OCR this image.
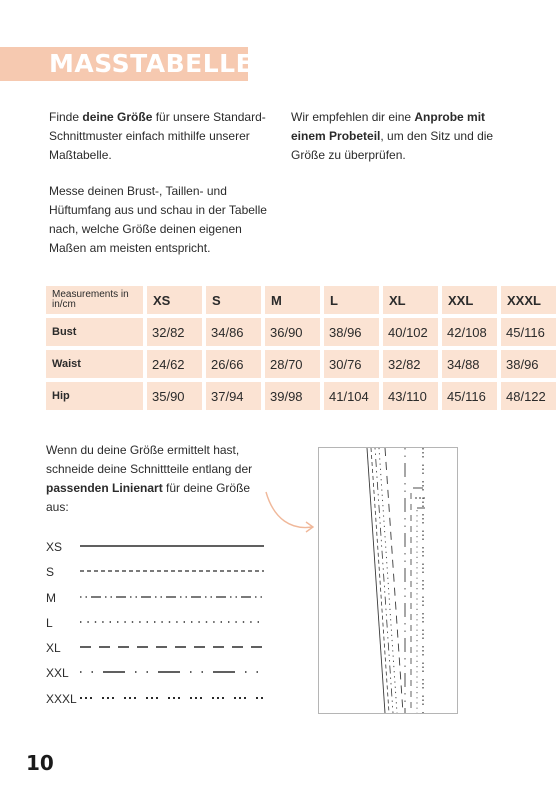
MASSTABELLE
Finde deine Größe für unsere Standard-Schnittmuster einfach mithilfe unserer Maßtabelle.
Messe deinen Brust-, Taillen- und Hüftumfang aus und schau in der Tabelle nach, welche Größe deinen eigenen Maßen am meisten entspricht.
Wir empfehlen dir eine Anprobe mit einem Probeteil, um den Sitz und die Größe zu überprüfen.
Measurements in in/cm	XS	S	M	L	XL	XXL	XXXL
Bust	32/82	34/86	36/90	38/96	40/102	42/108	45/116
Waist	24/62	26/66	28/70	30/76	32/82	34/88	38/96
Hip	35/90	37/94	39/98	41/104	43/110	45/116	48/122
Wenn du deine Größe ermittelt hast, schneide deine Schnittteile entlang der passenden Linienart für deine Größe aus:
XS
S
M
L
XL
XXL
XXXL
10
